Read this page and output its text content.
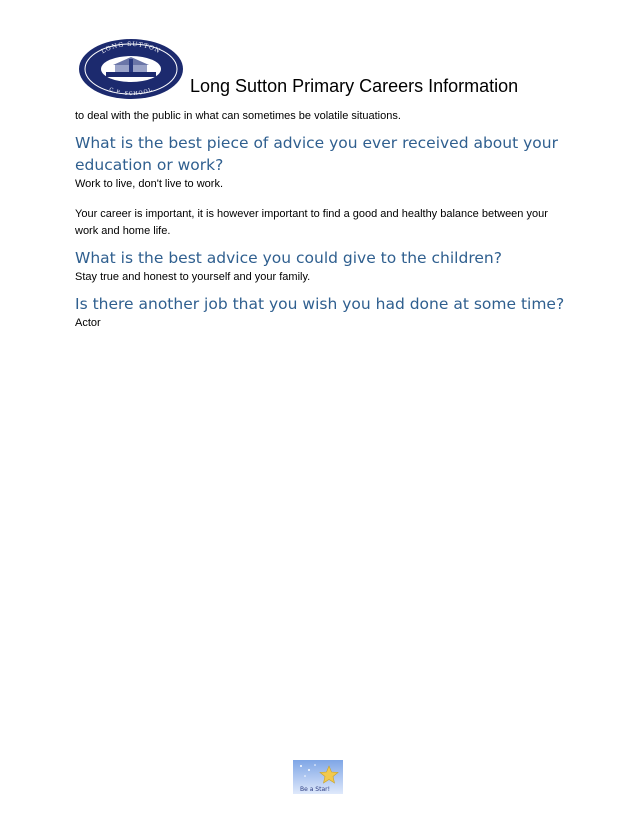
LONG SUTTON
C.P. SCHOOL Long Sutton Primary Careers Information

to deal with the public in what can sometimes be volatile situations.

What is the best piece of advice you ever received about your education or work?

Work to live, don't live to work.

Your career is important, it is however important to find a good and healthy balance between your work and home life.

What is the best advice you could give to the children?

Stay true and honest to yourself and your family.

Is there another job that you wish you had done at some time?

Actor

Be a Star!
